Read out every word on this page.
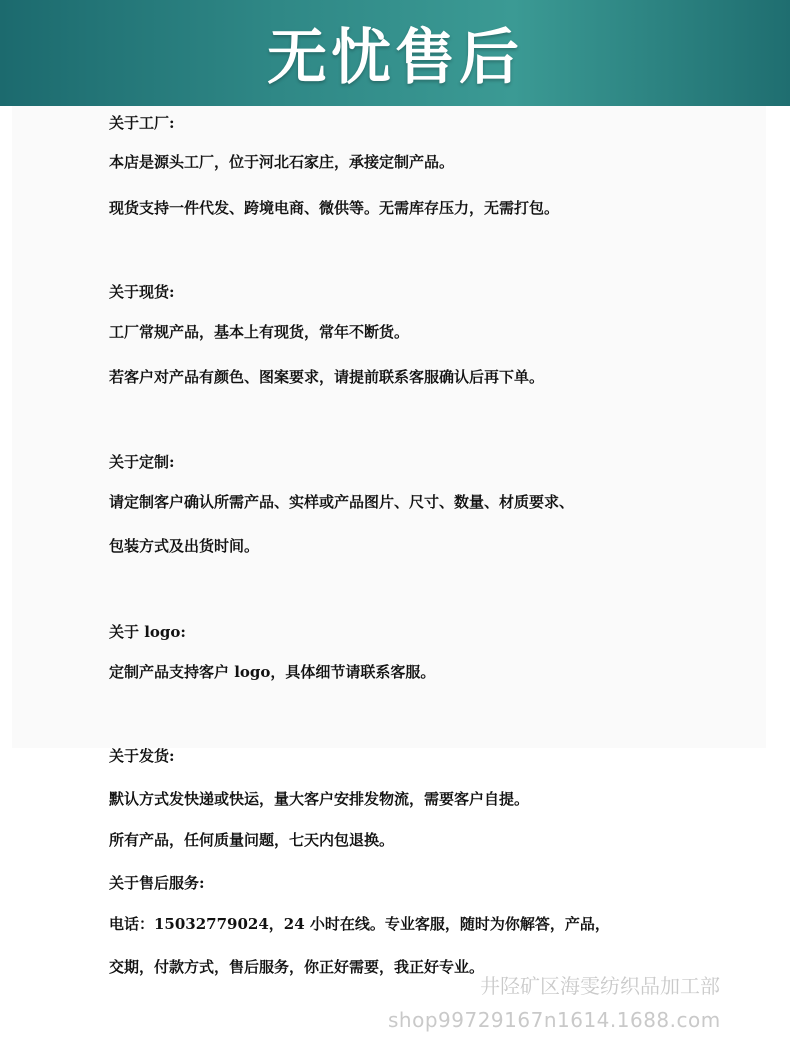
无忧售后
关于工厂:
本店是源头工厂，位于河北石家庄，承接定制产品。
现货支持一件代发、跨境电商、微供等。无需库存压力，无需打包。
关于现货:
工厂常规产品，基本上有现货，常年不断货。
若客户对产品有颜色、图案要求，请提前联系客服确认后再下单。
关于定制:
请定制客户确认所需产品、实样或产品图片、尺寸、数量、材质要求、
包装方式及出货时间。
关于 logo:
定制产品支持客户 logo，具体细节请联系客服。
关于发货:
默认方式发快递或快运，量大客户安排发物流，需要客户自提。
所有产品，任何质量问题，七天内包退换。
关于售后服务:
电话：15032779024，24 小时在线。专业客服，随时为你解答，产品，
交期，付款方式，售后服务，你正好需要，我正好专业。
井陉矿区海雯纺织品加工部
shop99729167n1614.1688.com
